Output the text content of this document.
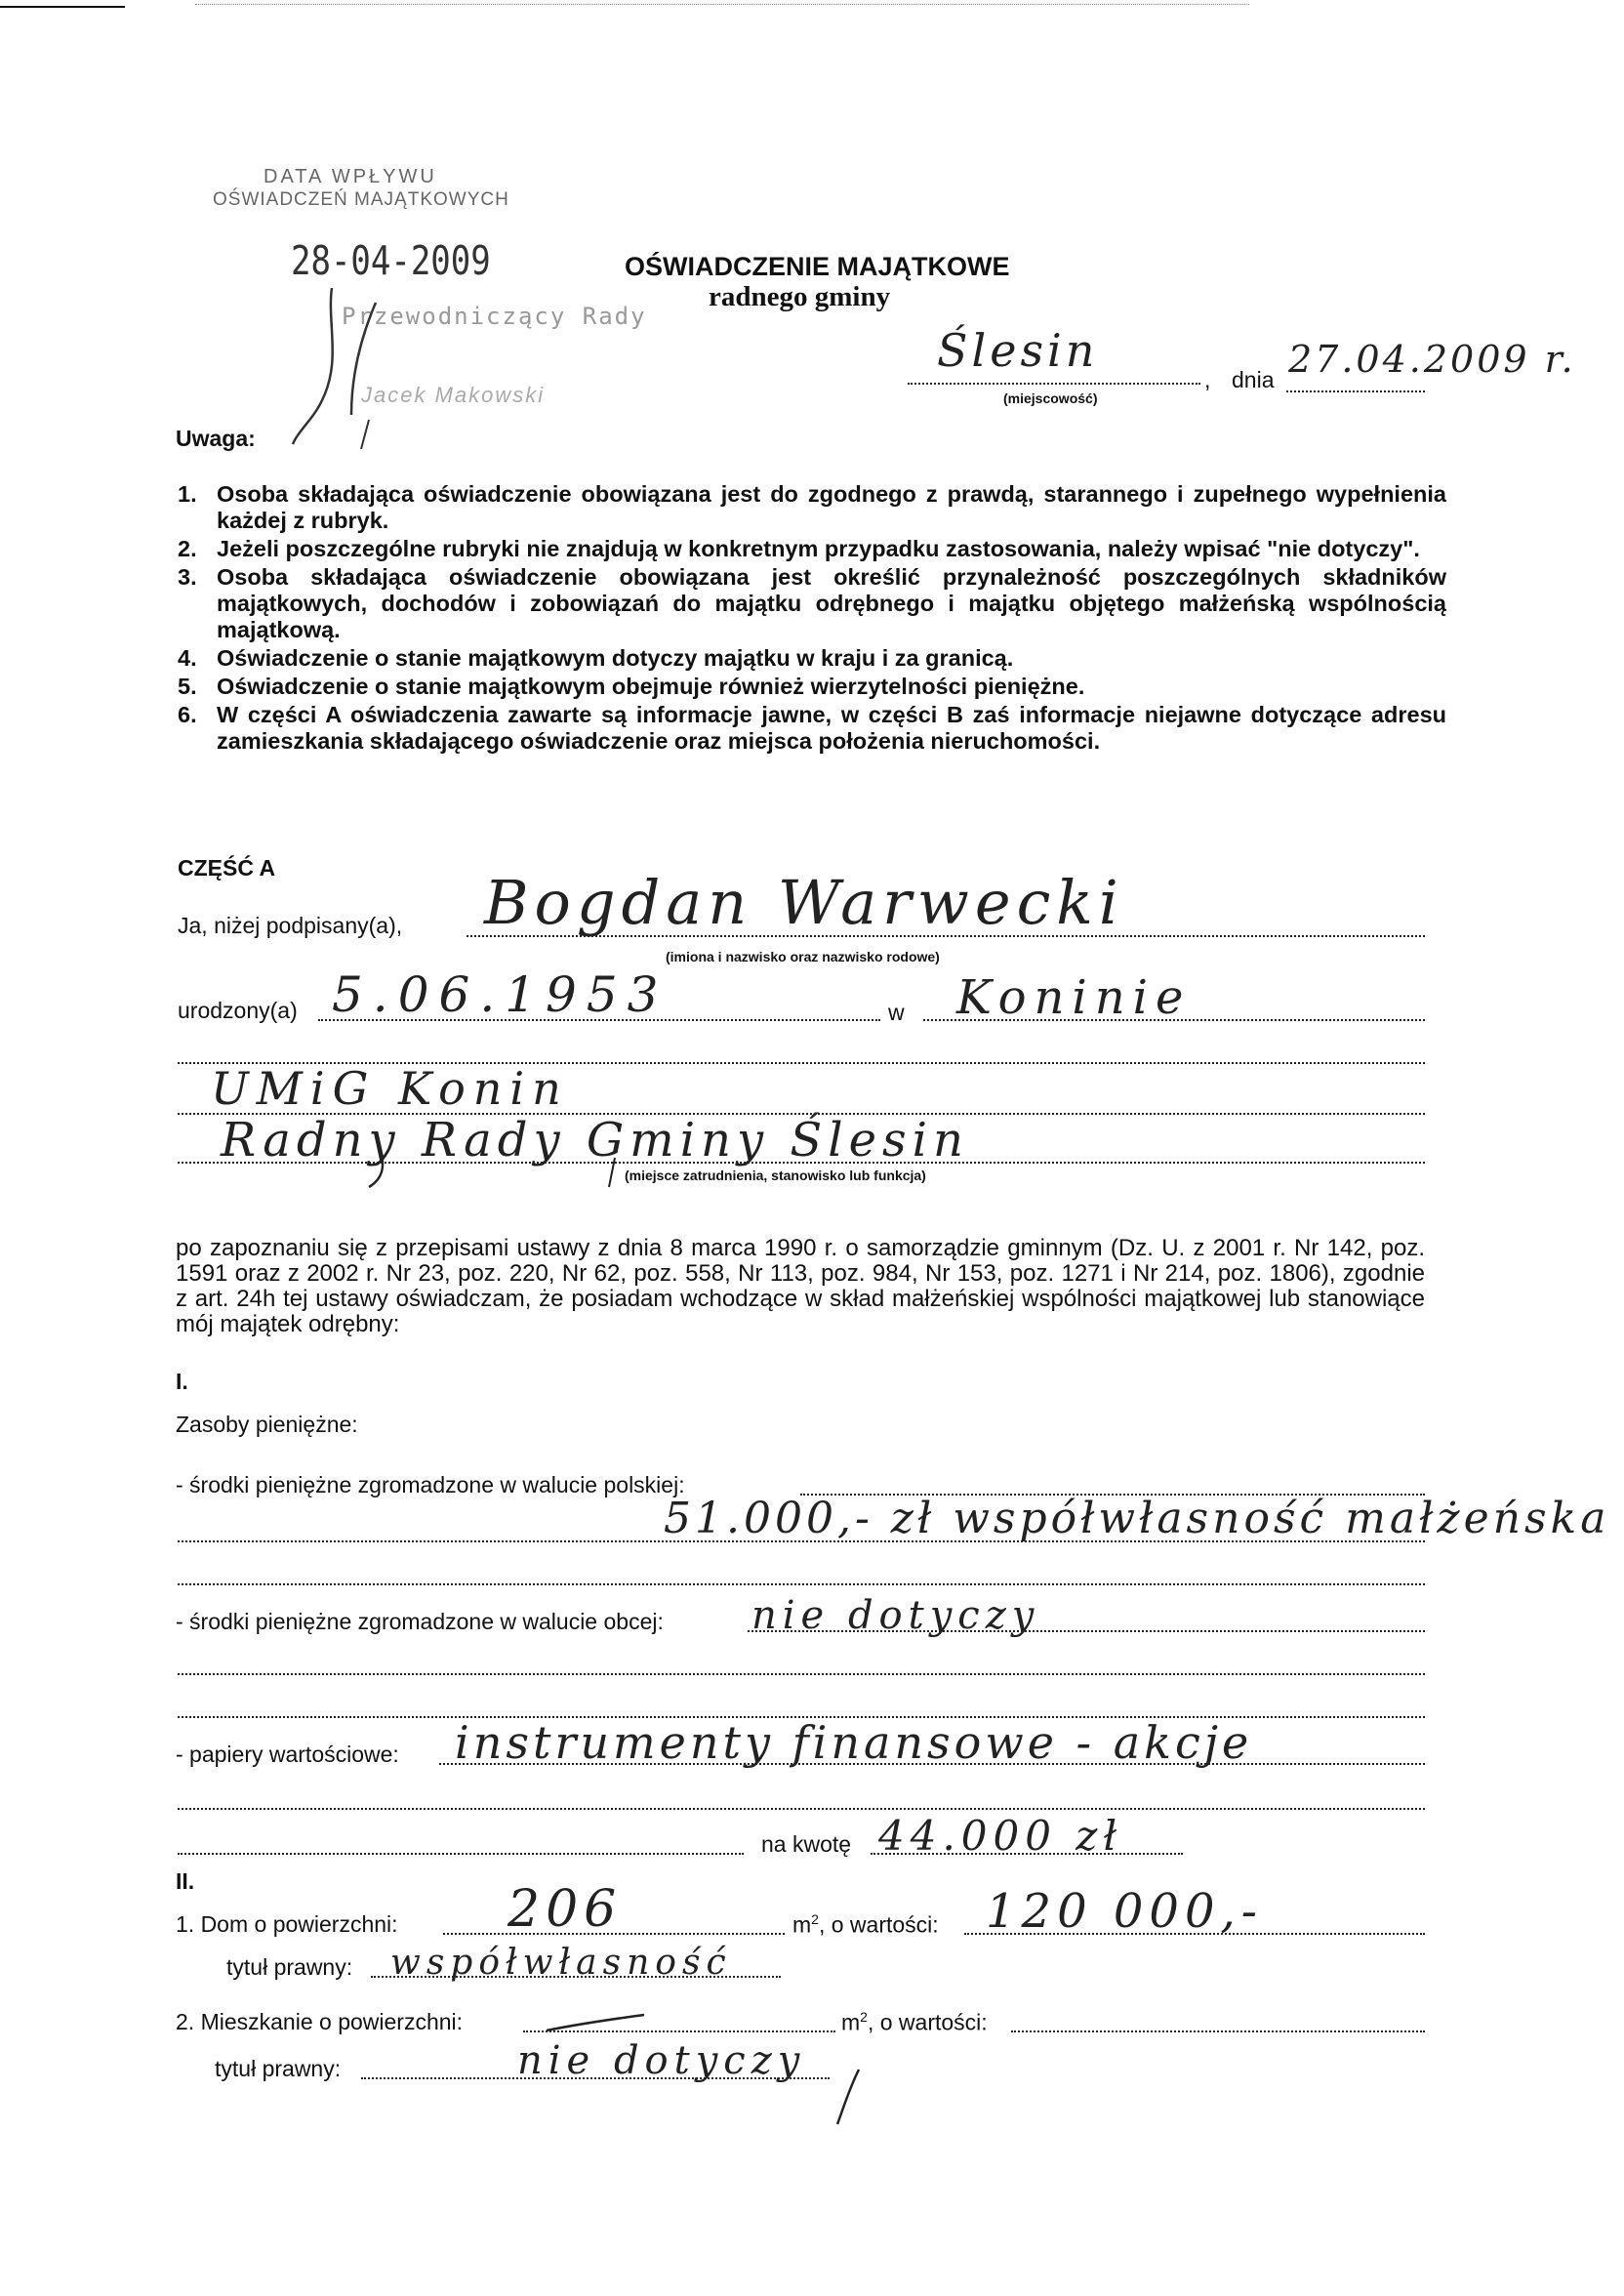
DATA WPŁYWU
OŚWIADCZEŃ MAJĄTKOWYCH
28-04-2009
Przewodniczący Rady
Jacek Makowski
OŚWIADCZENIE MAJĄTKOWE
radnego gminy
Ślesin
,
(miejscowość)
dnia 27.04.2009 r.
Uwaga:
1. Osoba składająca oświadczenie obowiązana jest do zgodnego z prawdą, starannego i zupełnego wypełnienia każdej z rubryk.
2. Jeżeli poszczególne rubryki nie znajdują w konkretnym przypadku zastosowania, należy wpisać "nie dotyczy".
3. Osoba składająca oświadczenie obowiązana jest określić przynależność poszczególnych składników majątkowych, dochodów i zobowiązań do majątku odrębnego i majątku objętego małżeńską wspólnością majątkową.
4. Oświadczenie o stanie majątkowym dotyczy majątku w kraju i za granicą.
5. Oświadczenie o stanie majątkowym obejmuje również wierzytelności pieniężne.
6. W części A oświadczenia zawarte są informacje jawne, w części B zaś informacje niejawne dotyczące adresu zamieszkania składającego oświadczenie oraz miejsca położenia nieruchomości.
CZĘŚĆ A
Ja, niżej podpisany(a), Bogdan Warwecki
(imiona i nazwisko oraz nazwisko rodowe)
urodzony(a) 5.06.1953	w Koninie
UMiG Konin
Radny Rady Gminy Ślesin
(miejsce zatrudnienia, stanowisko lub funkcja)

po zapoznaniu się z przepisami ustawy z dnia 8 marca 1990 r. o samorządzie gminnym (Dz. U. z 2001 r. Nr 142, poz. 1591 oraz z 2002 r. Nr 23, poz. 220, Nr 62, poz. 558, Nr 113, poz. 984, Nr 153, poz. 1271 i Nr 214, poz. 1806), zgodnie z art. 24h tej ustawy oświadczam, że posiadam wchodzące w skład małżeńskiej wspólności majątkowej lub stanowiące mój majątek odrębny:

I.
Zasoby pieniężne:
- środki pieniężne zgromadzone w walucie polskiej:
51.000,- zł współwłasność małżeńska
- środki pieniężne zgromadzone w walucie obcej: nie dotyczy
- papiery wartościowe: instrumenty finansowe - akcje
na kwotę 44.000 zł
II.
1. Dom o powierzchni: 206	$m^2$, o wartości: 120 000,-
tytuł prawny: współwłasność
2. Mieszkanie o powierzchni:	$m^2$, o wartości:
tytuł prawny:	nie dotyczy
